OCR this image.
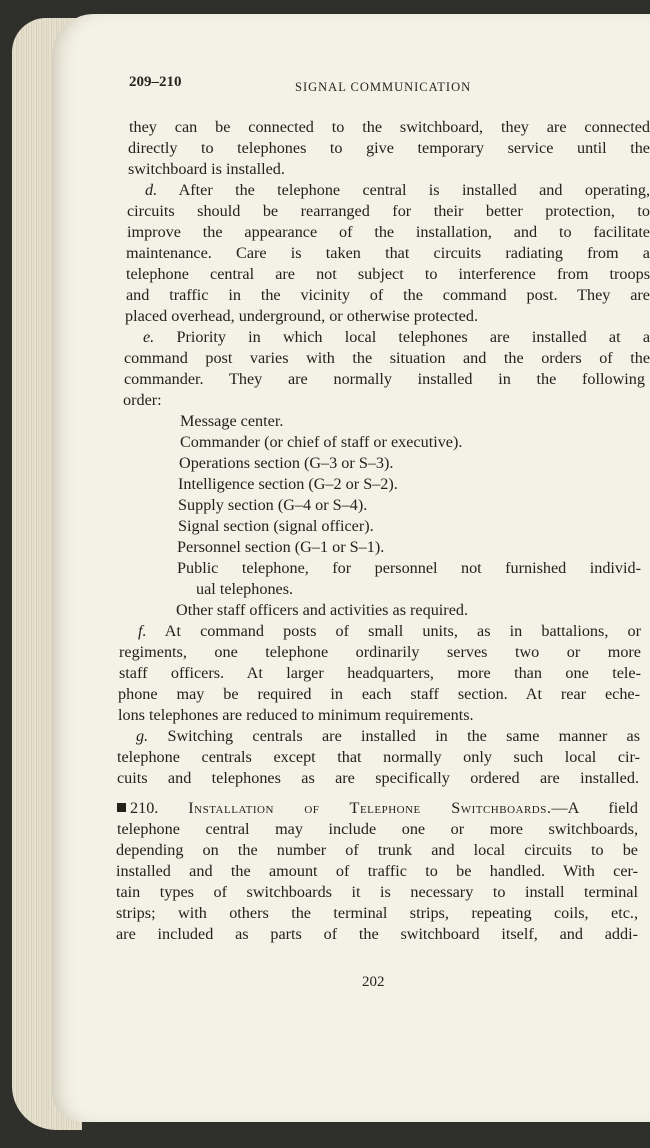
209–210	SIGNAL COMMUNICATION
they can be connected to the switchboard, they are connected
directly to telephones to give temporary service until the
switchboard is installed.
d. After the telephone central is installed and operating,
circuits should be rearranged for their better protection, to
improve the appearance of the installation, and to facilitate
maintenance. Care is taken that circuits radiating from a
telephone central are not subject to interference from troops
and traffic in the vicinity of the command post. They are
placed overhead, underground, or otherwise protected.
e. Priority in which local telephones are installed at a
command post varies with the situation and the orders of the
commander. They are normally installed in the following
order:
Message center.
Commander (or chief of staff or executive).
Operations section (G–3 or S–3).
Intelligence section (G–2 or S–2).
Supply section (G–4 or S–4).
Signal section (signal officer).
Personnel section (G–1 or S–1).
Public telephone, for personnel not furnished individ-
ual telephones.
Other staff officers and activities as required.
f. At command posts of small units, as in battalions, or
regiments, one telephone ordinarily serves two or more
staff officers. At larger headquarters, more than one tele-
phone may be required in each staff section. At rear eche-
lons telephones are reduced to minimum requirements.
g. Switching centrals are installed in the same manner as
telephone centrals except that normally only such local cir-
cuits and telephones as are specifically ordered are installed.
210. Installation of Telephone Switchboards.—A field
telephone central may include one or more switchboards,
depending on the number of trunk and local circuits to be
installed and the amount of traffic to be handled. With cer-
tain types of switchboards it is necessary to install terminal
strips; with others the terminal strips, repeating coils, etc.,
are included as parts of the switchboard itself, and addi-
202
